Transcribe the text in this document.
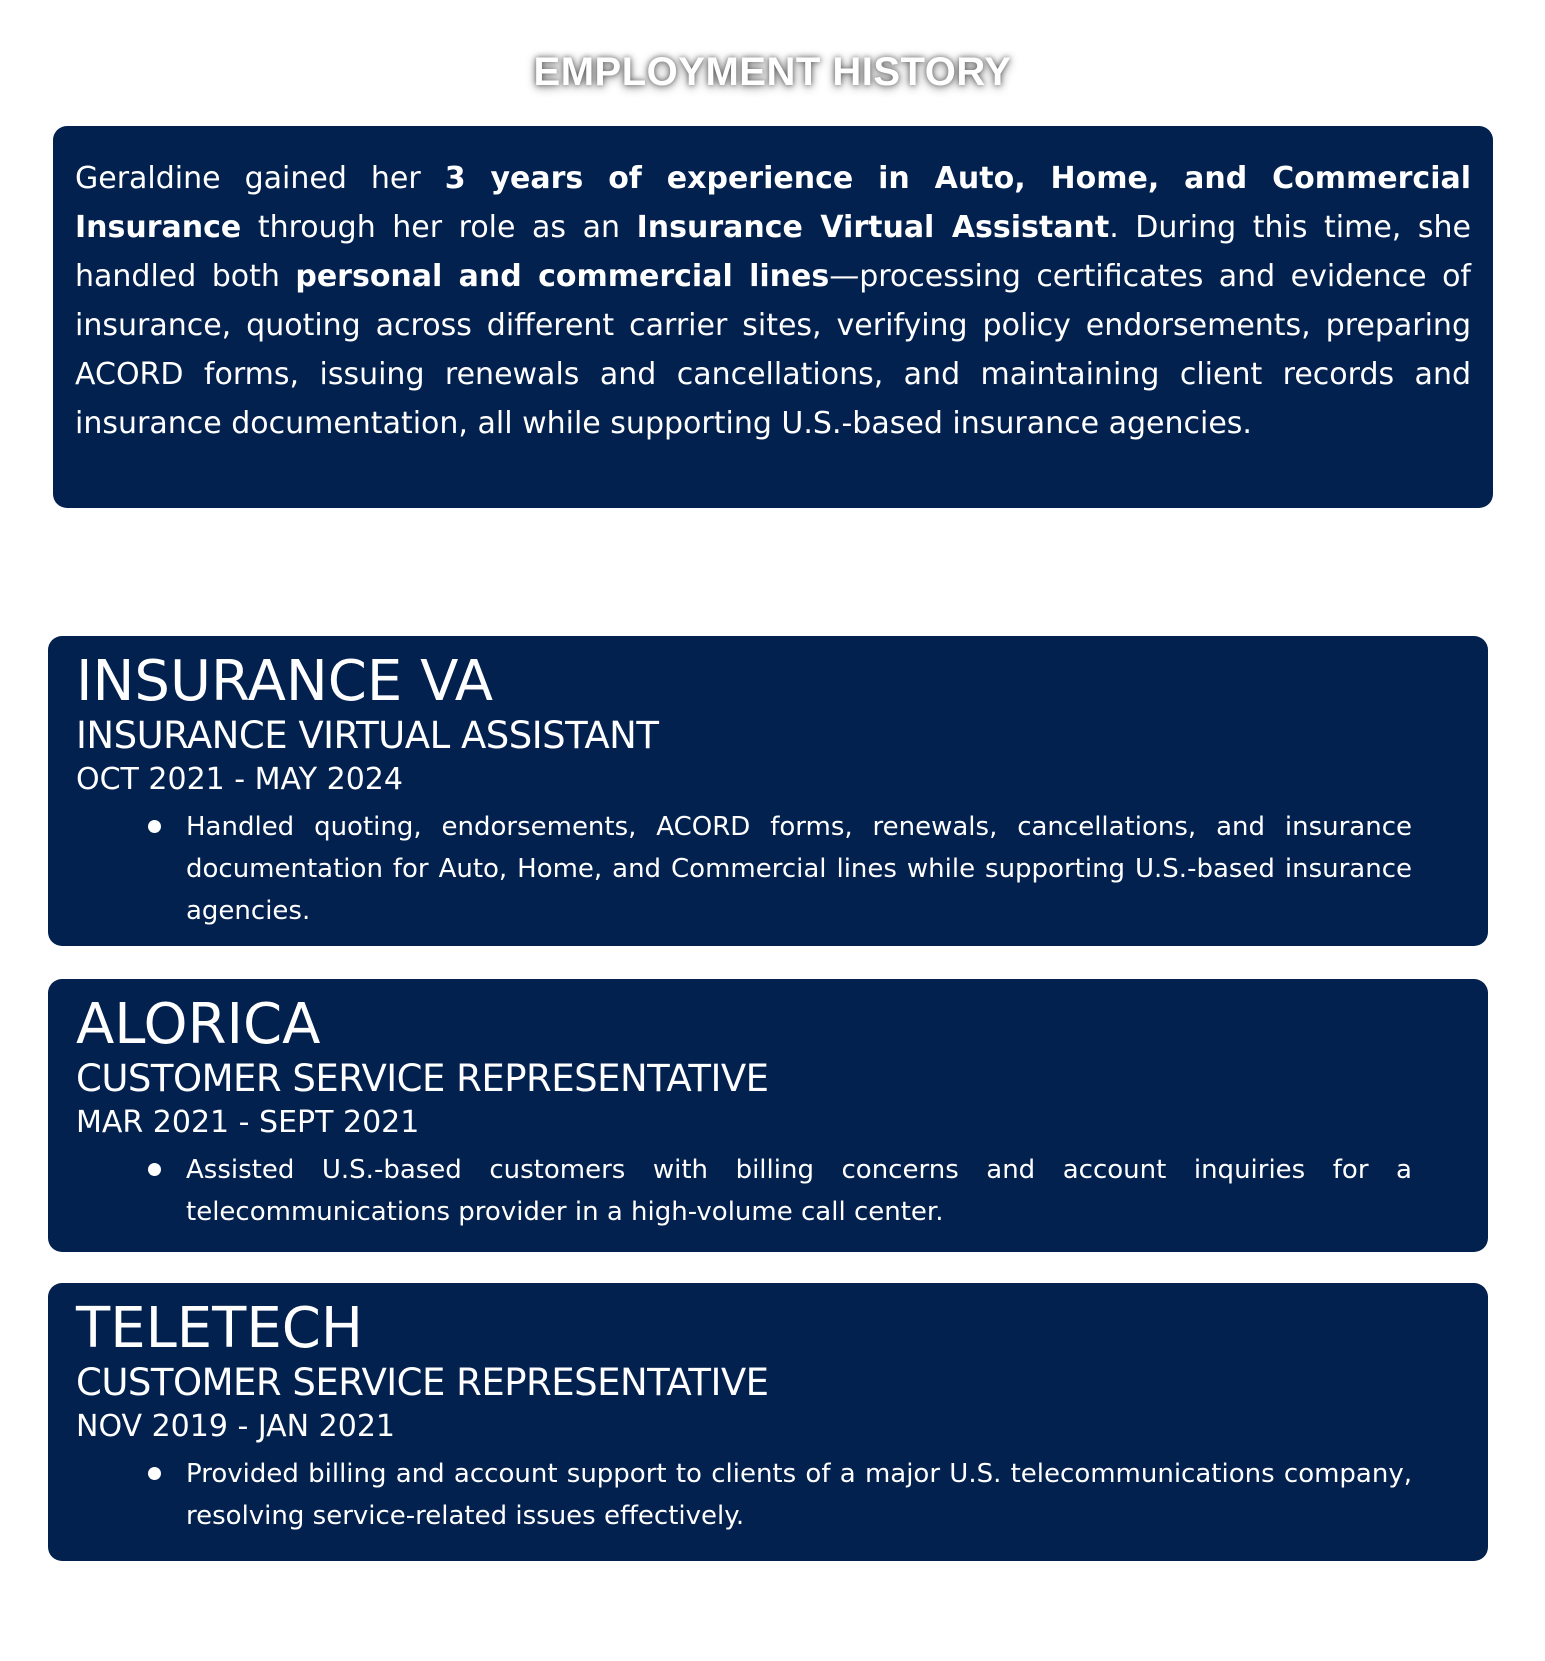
EMPLOYMENT HISTORY

Geraldine gained her 3 years of experience in Auto, Home, and Commercial Insurance through her role as an Insurance Virtual Assistant. During this time, she handled both personal and commercial lines—processing certificates and evidence of insurance, quoting across different carrier sites, verifying policy endorsements, preparing ACORD forms, issuing renewals and cancellations, and maintaining client records and insurance documentation, all while supporting U.S.-based insurance agencies.

INSURANCE VA
INSURANCE VIRTUAL ASSISTANT

OCT 2021 - MAY 2024

Handled quoting, endorsements, ACORD forms, renewals, cancellations, and insurance documentation for Auto, Home, and Commercial lines while supporting U.S.-based insurance agencies.
ALORICA
CUSTOMER SERVICE REPRESENTATIVE

MAR 2021 - SEPT 2021

Assisted U.S.-based customers with billing concerns and account inquiries for a telecommunications provider in a high-volume call center.
TELETECH
CUSTOMER SERVICE REPRESENTATIVE

NOV 2019 - JAN 2021

Provided billing and account support to clients of a major U.S. telecommunications company, resolving service-related issues effectively.
